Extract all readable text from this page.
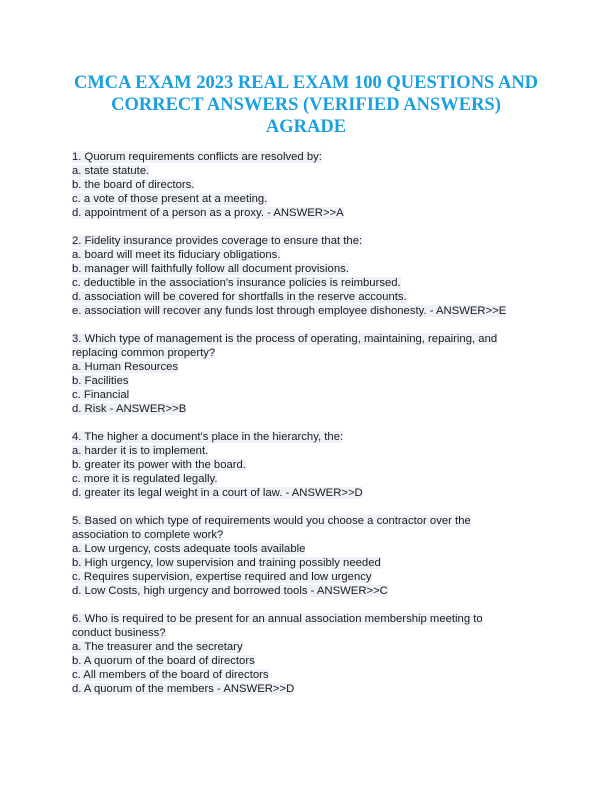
CMCA EXAM 2023 REAL EXAM 100 QUESTIONS AND
CORRECT ANSWERS (VERIFIED ANSWERS)
AGRADE
1. Quorum requirements conflicts are resolved by:
a. state statute.
b. the board of directors.
c. a vote of those present at a meeting.
d. appointment of a person as a proxy. - ANSWER>>A
2. Fidelity insurance provides coverage to ensure that the:
a. board will meet its fiduciary obligations.
b. manager will faithfully follow all document provisions.
c. deductible in the association's insurance policies is reimbursed.
d. association will be covered for shortfalls in the reserve accounts.
e. association will recover any funds lost through employee dishonesty. - ANSWER>>E
3. Which type of management is the process of operating, maintaining, repairing, and
replacing common property?
a. Human Resources
b. Facilities
c. Financial
d. Risk - ANSWER>>B
4. The higher a document's place in the hierarchy, the:
a. harder it is to implement.
b. greater its power with the board.
c. more it is regulated legally.
d. greater its legal weight in a court of law. - ANSWER>>D
5. Based on which type of requirements would you choose a contractor over the
association to complete work?
a. Low urgency, costs adequate tools available
b. High urgency, low supervision and training possibly needed
c. Requires supervision, expertise required and low urgency
d. Low Costs, high urgency and borrowed tools - ANSWER>>C
6. Who is required to be present for an annual association membership meeting to
conduct business?
a. The treasurer and the secretary
b. A quorum of the board of directors
c. All members of the board of directors
d. A quorum of the members - ANSWER>>D
